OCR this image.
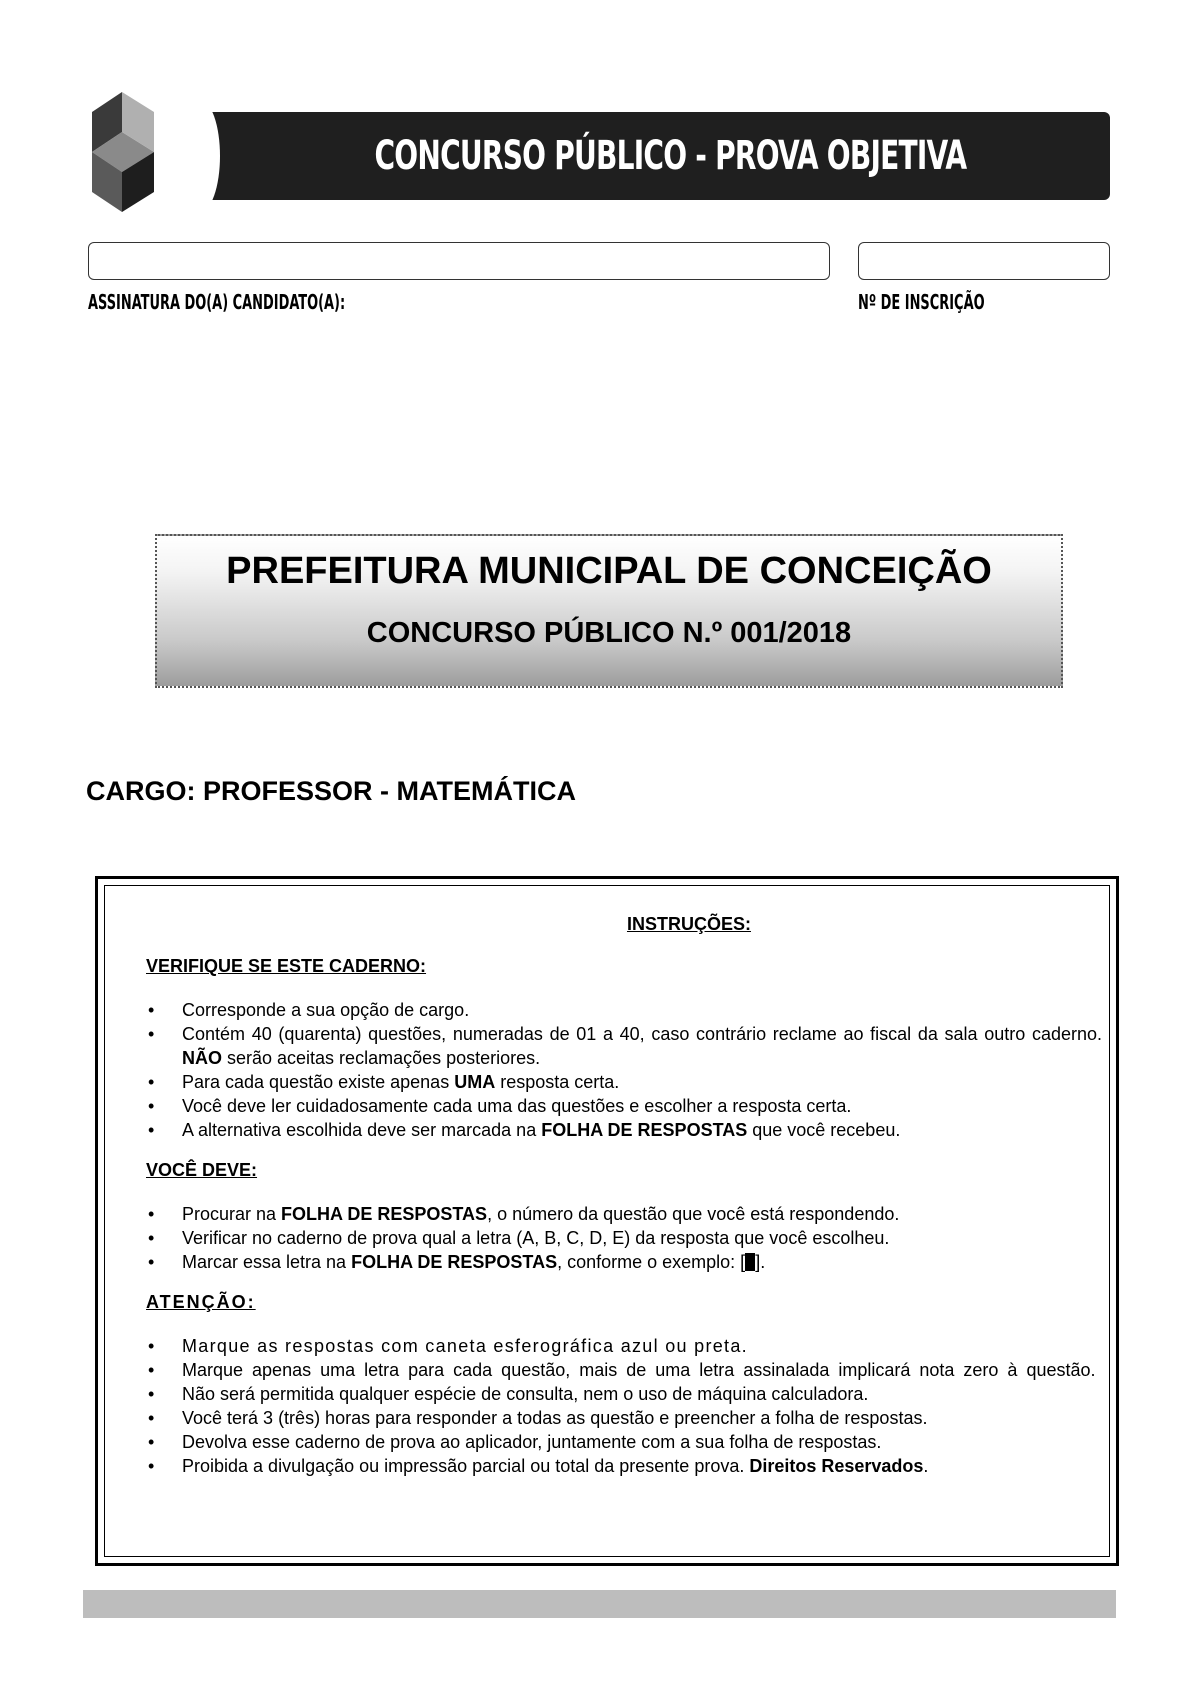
CONCURSO PÚBLICO - PROVA OBJETIVA
ASSINATURA DO(A) CANDIDATO(A):	Nº DE INSCRIÇÃO
PREFEITURA MUNICIPAL DE CONCEIÇÃO
CONCURSO PÚBLICO N.º 001/2018
CARGO: PROFESSOR - MATEMÁTICA
INSTRUÇÕES:
VERIFIQUE SE ESTE CADERNO:
• Corresponde a sua opção de cargo.
• Contém 40 (quarenta) questões, numeradas de 01 a 40, caso contrário reclame ao fiscal da sala outro caderno. NÃO serão aceitas reclamações posteriores.
• Para cada questão existe apenas UMA resposta certa.
• Você deve ler cuidadosamente cada uma das questões e escolher a resposta certa.
• A alternativa escolhida deve ser marcada na FOLHA DE RESPOSTAS que você recebeu.
VOCÊ DEVE:
• Procurar na FOLHA DE RESPOSTAS, o número da questão que você está respondendo.
• Verificar no caderno de prova qual a letra (A, B, C, D, E) da resposta que você escolheu.
• Marcar essa letra na FOLHA DE RESPOSTAS, conforme o exemplo: [ ].
ATENÇÃO:
• Marque as respostas com caneta esferográfica azul ou preta.
• Marque apenas uma letra para cada questão, mais de uma letra assinalada implicará nota zero à questão.
• Não será permitida qualquer espécie de consulta, nem o uso de máquina calculadora.
• Você terá 3 (três) horas para responder a todas as questão e preencher a folha de respostas.
• Devolva esse caderno de prova ao aplicador, juntamente com a sua folha de respostas.
• Proibida a divulgação ou impressão parcial ou total da presente prova. Direitos Reservados.
